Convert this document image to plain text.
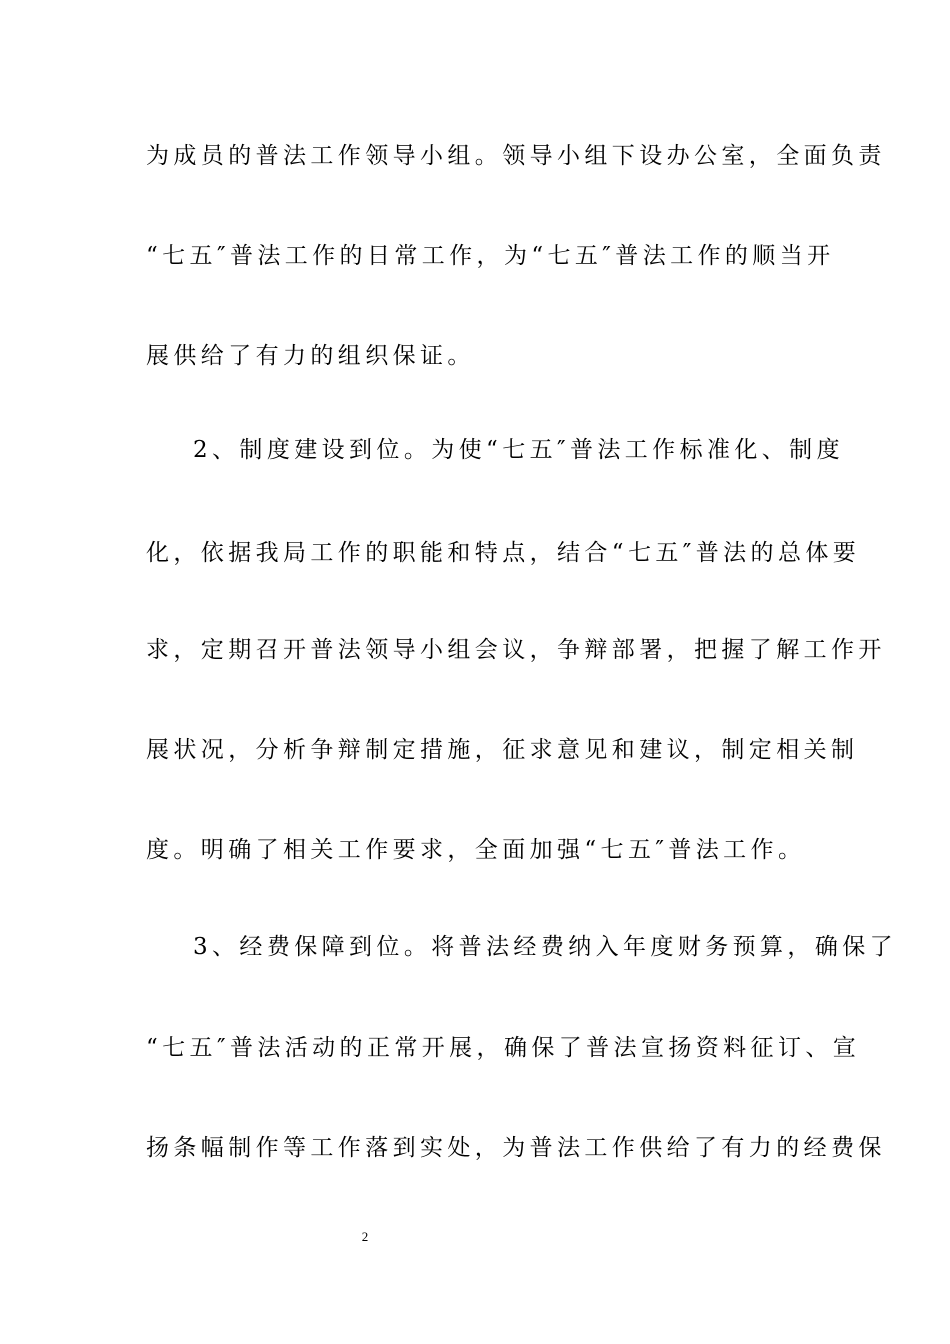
为成员的普法工作领导小组。领导小组下设办公室，全面负责
“七五″普法工作的日常工作，为“七五″普法工作的顺当开
展供给了有力的组织保证。
2、制度建设到位。为使“七五″普法工作标准化、制度
化，依据我局工作的职能和特点，结合“七五″普法的总体要
求，定期召开普法领导小组会议，争辩部署，把握了解工作开
展状况，分析争辩制定措施，征求意见和建议，制定相关制
度。明确了相关工作要求，全面加强“七五″普法工作。
3、经费保障到位。将普法经费纳入年度财务预算，确保了
“七五″普法活动的正常开展，确保了普法宣扬资料征订、宣
扬条幅制作等工作落到实处，为普法工作供给了有力的经费保
2
